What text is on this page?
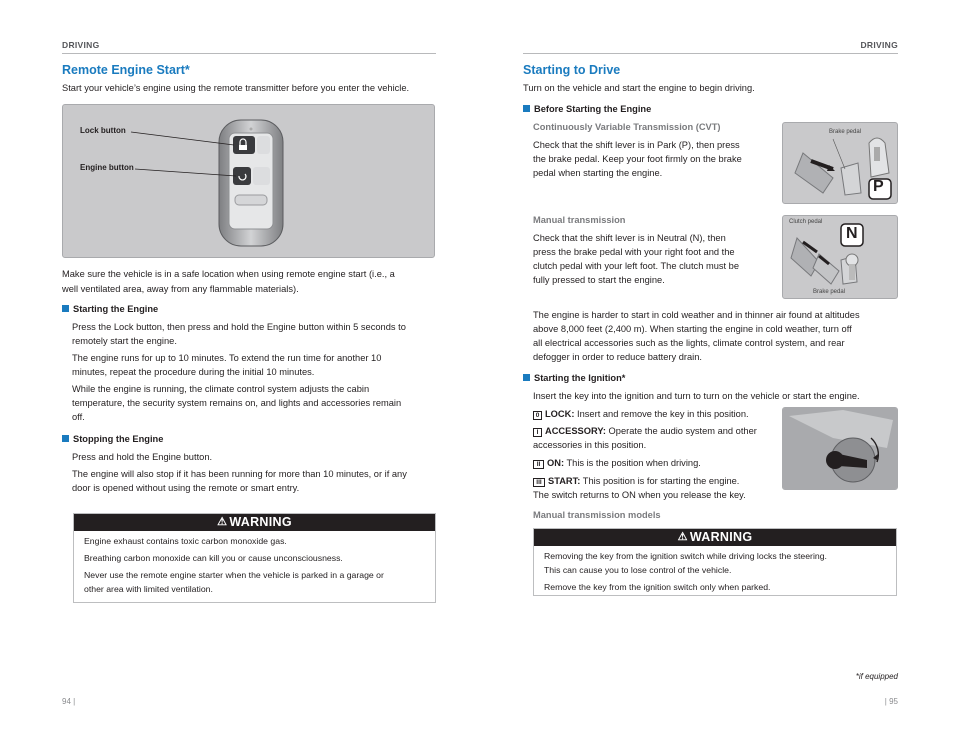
DRIVING
Remote Engine Start*
Start your vehicle’s engine using the remote transmitter before you enter the vehicle.
Lock button
Engine button
Make sure the vehicle is in a safe location when using remote engine start (i.e., a
well ventilated area, away from any flammable materials).
Starting the Engine
Press the Lock button, then press and hold the Engine button within 5 seconds to
remotely start the engine.
The engine runs for up to 10 minutes. To extend the run time for another 10
minutes, repeat the procedure during the initial 10 minutes.
While the engine is running, the climate control system adjusts the cabin
temperature, the security system remains on, and lights and accessories remain
off.
Stopping the Engine
Press and hold the Engine button.
The engine will also stop if it has been running for more than 10 minutes, or if any
door is opened without using the remote or smart entry.
⚠ WARNING

Engine exhaust contains toxic carbon monoxide gas.

Breathing carbon monoxide can kill you or cause unconsciousness.

Never use the remote engine starter when the vehicle is parked in a garage or

other area with limited ventilation.

94 |
DRIVING
Starting to Drive
Turn on the vehicle and start the engine to begin driving.
Before Starting the Engine
Continuously Variable Transmission (CVT)
Check that the shift lever is in Park (P), then press
the brake pedal. Keep your foot firmly on the brake
pedal when starting the engine.
Brake pedal
P
Manual transmission
Check that the shift lever is in Neutral (N), then
press the brake pedal with your right foot and the
clutch pedal with your left foot. The clutch must be
fully pressed to start the engine.
Clutch pedal
Brake pedal
N
The engine is harder to start in cold weather and in thinner air found at altitudes
above 8,000 feet (2,400 m). When starting the engine in cold weather, turn off
all electrical accessories such as the lights, climate control system, and rear
defogger in order to reduce battery drain.
Starting the Ignition*
Insert the key into the ignition and turn to turn on the vehicle or start the engine.
0 LOCK: Insert and remove the key in this position.
I ACCESSORY: Operate the audio system and other
accessories in this position.
II ON: This is the position when driving.
III START: This position is for starting the engine.
The switch returns to ON when you release the key.
Manual transmission models
⚠ WARNING

Removing the key from the ignition switch while driving locks the steering.

This can cause you to lose control of the vehicle.

Remove the key from the ignition switch only when parked.

*if equipped
| 95
